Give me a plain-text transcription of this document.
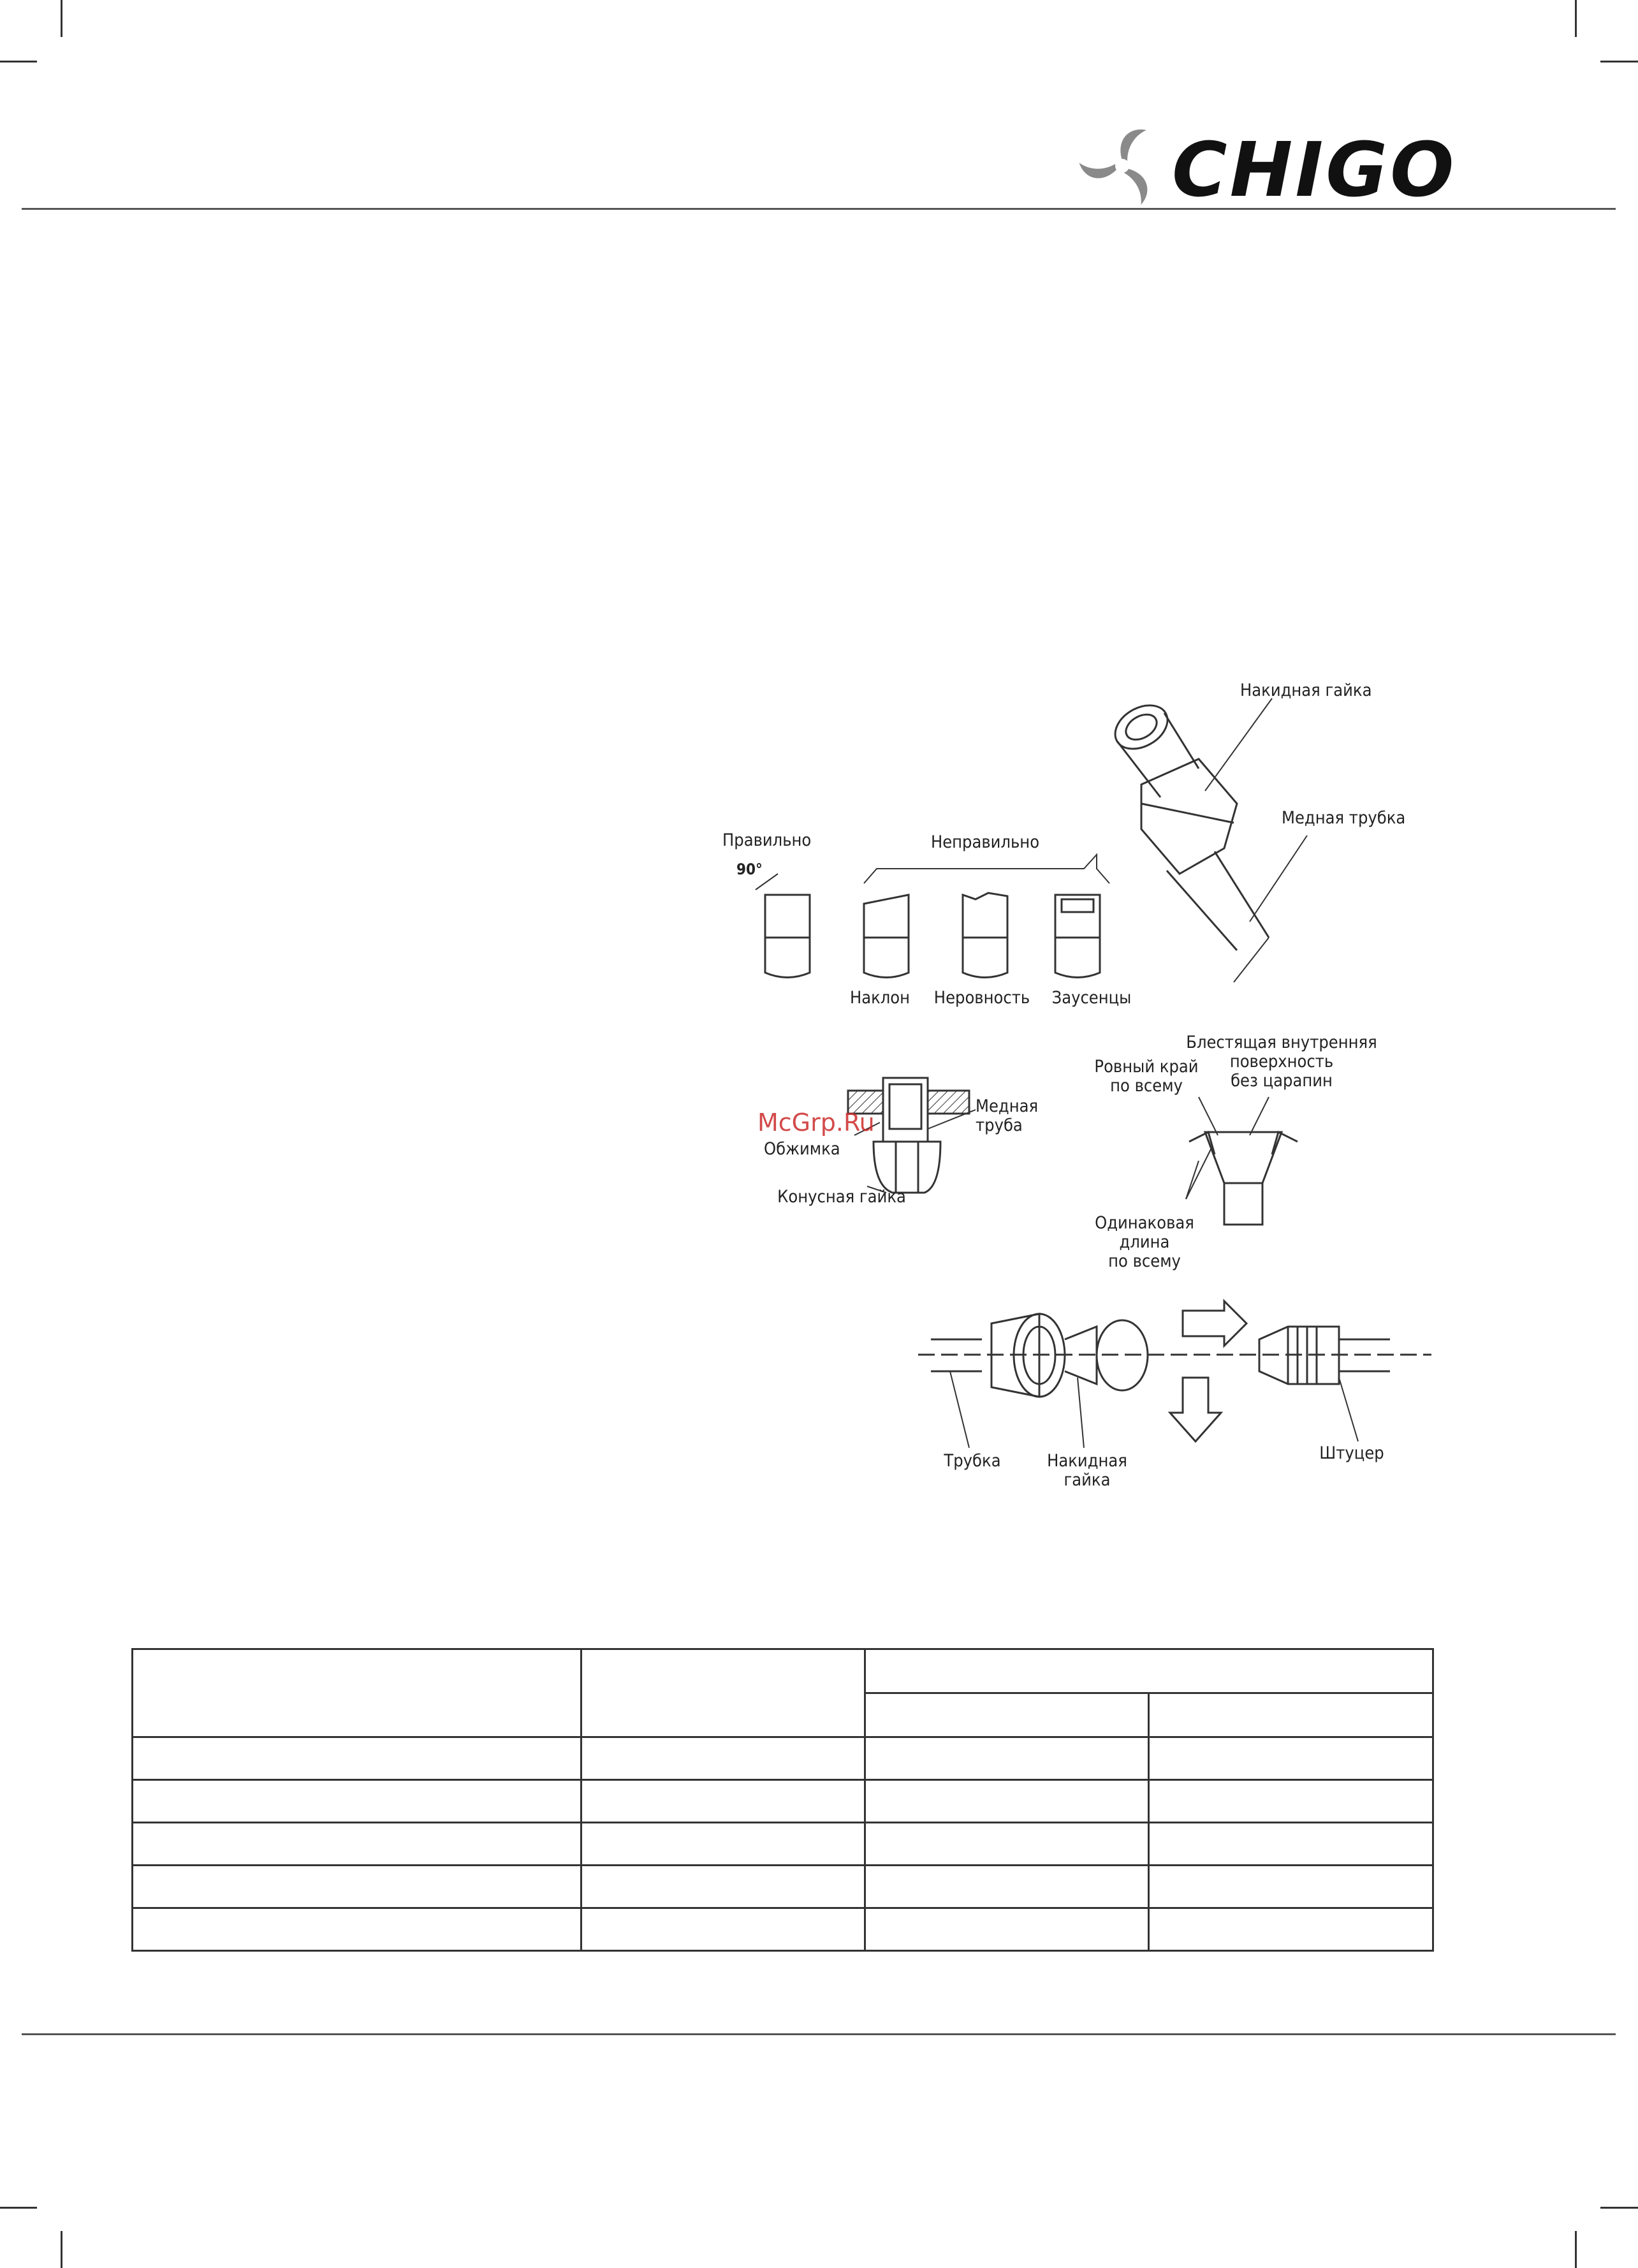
CHIGO
Накидная гайка
Медная трубка
Правильно
90°
Неправильно
Наклон Неровность Заусенцы
Медная
труба
Обжимка
Конусная гайка
Ровный край
по всему
Блестящая внутренняя
поверхность
без царапин
Одинаковая
длина
по всему
Трубка	Накидная
гайка
Штуцер
McGrp.Ru
